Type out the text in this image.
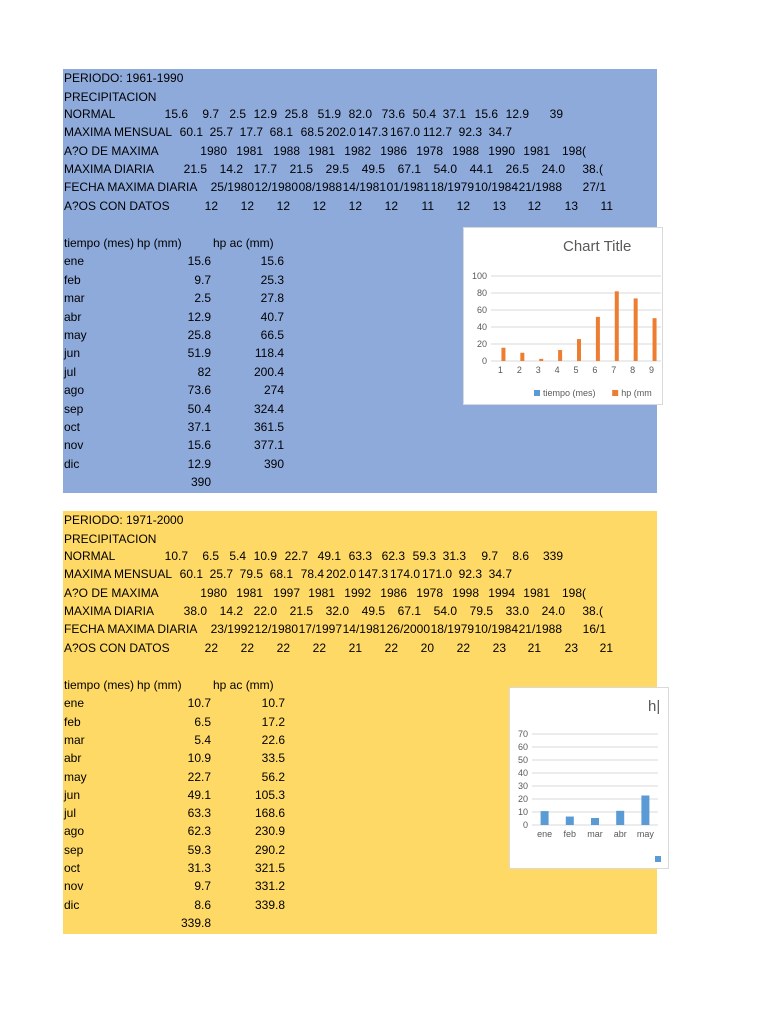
PERIODO: 1961-1990
PRECIPITACION
NORMAL	15.6 9.7 2.5 12.9 25.8 51.9 82.0 73.6 50.4 37.1 15.6 12.9 39
MAXIMA MENSUAL 60.1 25.7 17.7 68.1 68.5 202.0 147.3 167.0 112.7 92.3 34.7
A?O DE MAXIMA	1980 1981 1988 1981 1982 1986 1978 1988 1990 1981 198(
MAXIMA DIARIA 21.5 14.2 17.7 21.5 29.5 49.5 67.1 54.0 44.1 26.5 24.0 38.(
FECHA MAXIMA DIARIA 25/1980 12/1980 08/1988 14/1981 01/1981 18/1979 10/1984 21/1988 27/1
A?OS CON DATOS	12 12 12 12 12 12 11 12 13 12 13 11
tiempo (mes) hp (mm)	hp ac (mm)
ene	15.6	15.6
feb	9.7	25.3
mar	2.5	27.8
abr	12.9	40.7
may	25.8	66.5
jun	51.9	118.4
jul	82	200.4
ago	73.6	274
sep	50.4	324.4
oct	37.1	361.5
nov	15.6	377.1
dic	12.9	390
390
Chart Title
0
20
40
60
80
100
1 2 3 4 5 6 7 8 9
tiempo (mes)	hp (mm
PERIODO: 1971-2000
PRECIPITACION
NORMAL	10.7 6.5 5.4 10.9 22.7 49.1 63.3 62.3 59.3 31.3 9.7 8.6 339
MAXIMA MENSUAL 60.1 25.7 79.5 68.1 78.4 202.0 147.3 174.0 171.0 92.3 34.7
A?O DE MAXIMA	1980 1981 1997 1981 1992 1986 1978 1998 1994 1981 198(
MAXIMA DIARIA 38.0 14.2 22.0 21.5 32.0 49.5 67.1 54.0 79.5 33.0 24.0 38.(
FECHA MAXIMA DIARIA 23/1992 12/1980 17/1997 14/1981 26/2000 18/1979 10/1984 21/1988 16/1
A?OS CON DATOS	22 22 22 22 21 22 20 22 23 21 23 21
tiempo (mes) hp (mm)	hp ac (mm)
ene	10.7	10.7
feb	6.5	17.2
mar	5.4	22.6
abr	10.9	33.5
may	22.7	56.2
jun	49.1	105.3
jul	63.3	168.6
ago	62.3	230.9
sep	59.3	290.2
oct	31.3	321.5
nov	9.7	331.2
dic	8.6	339.8
339.8
h|
0
10
20
30
40
50
60
70
ene feb mar abr may
